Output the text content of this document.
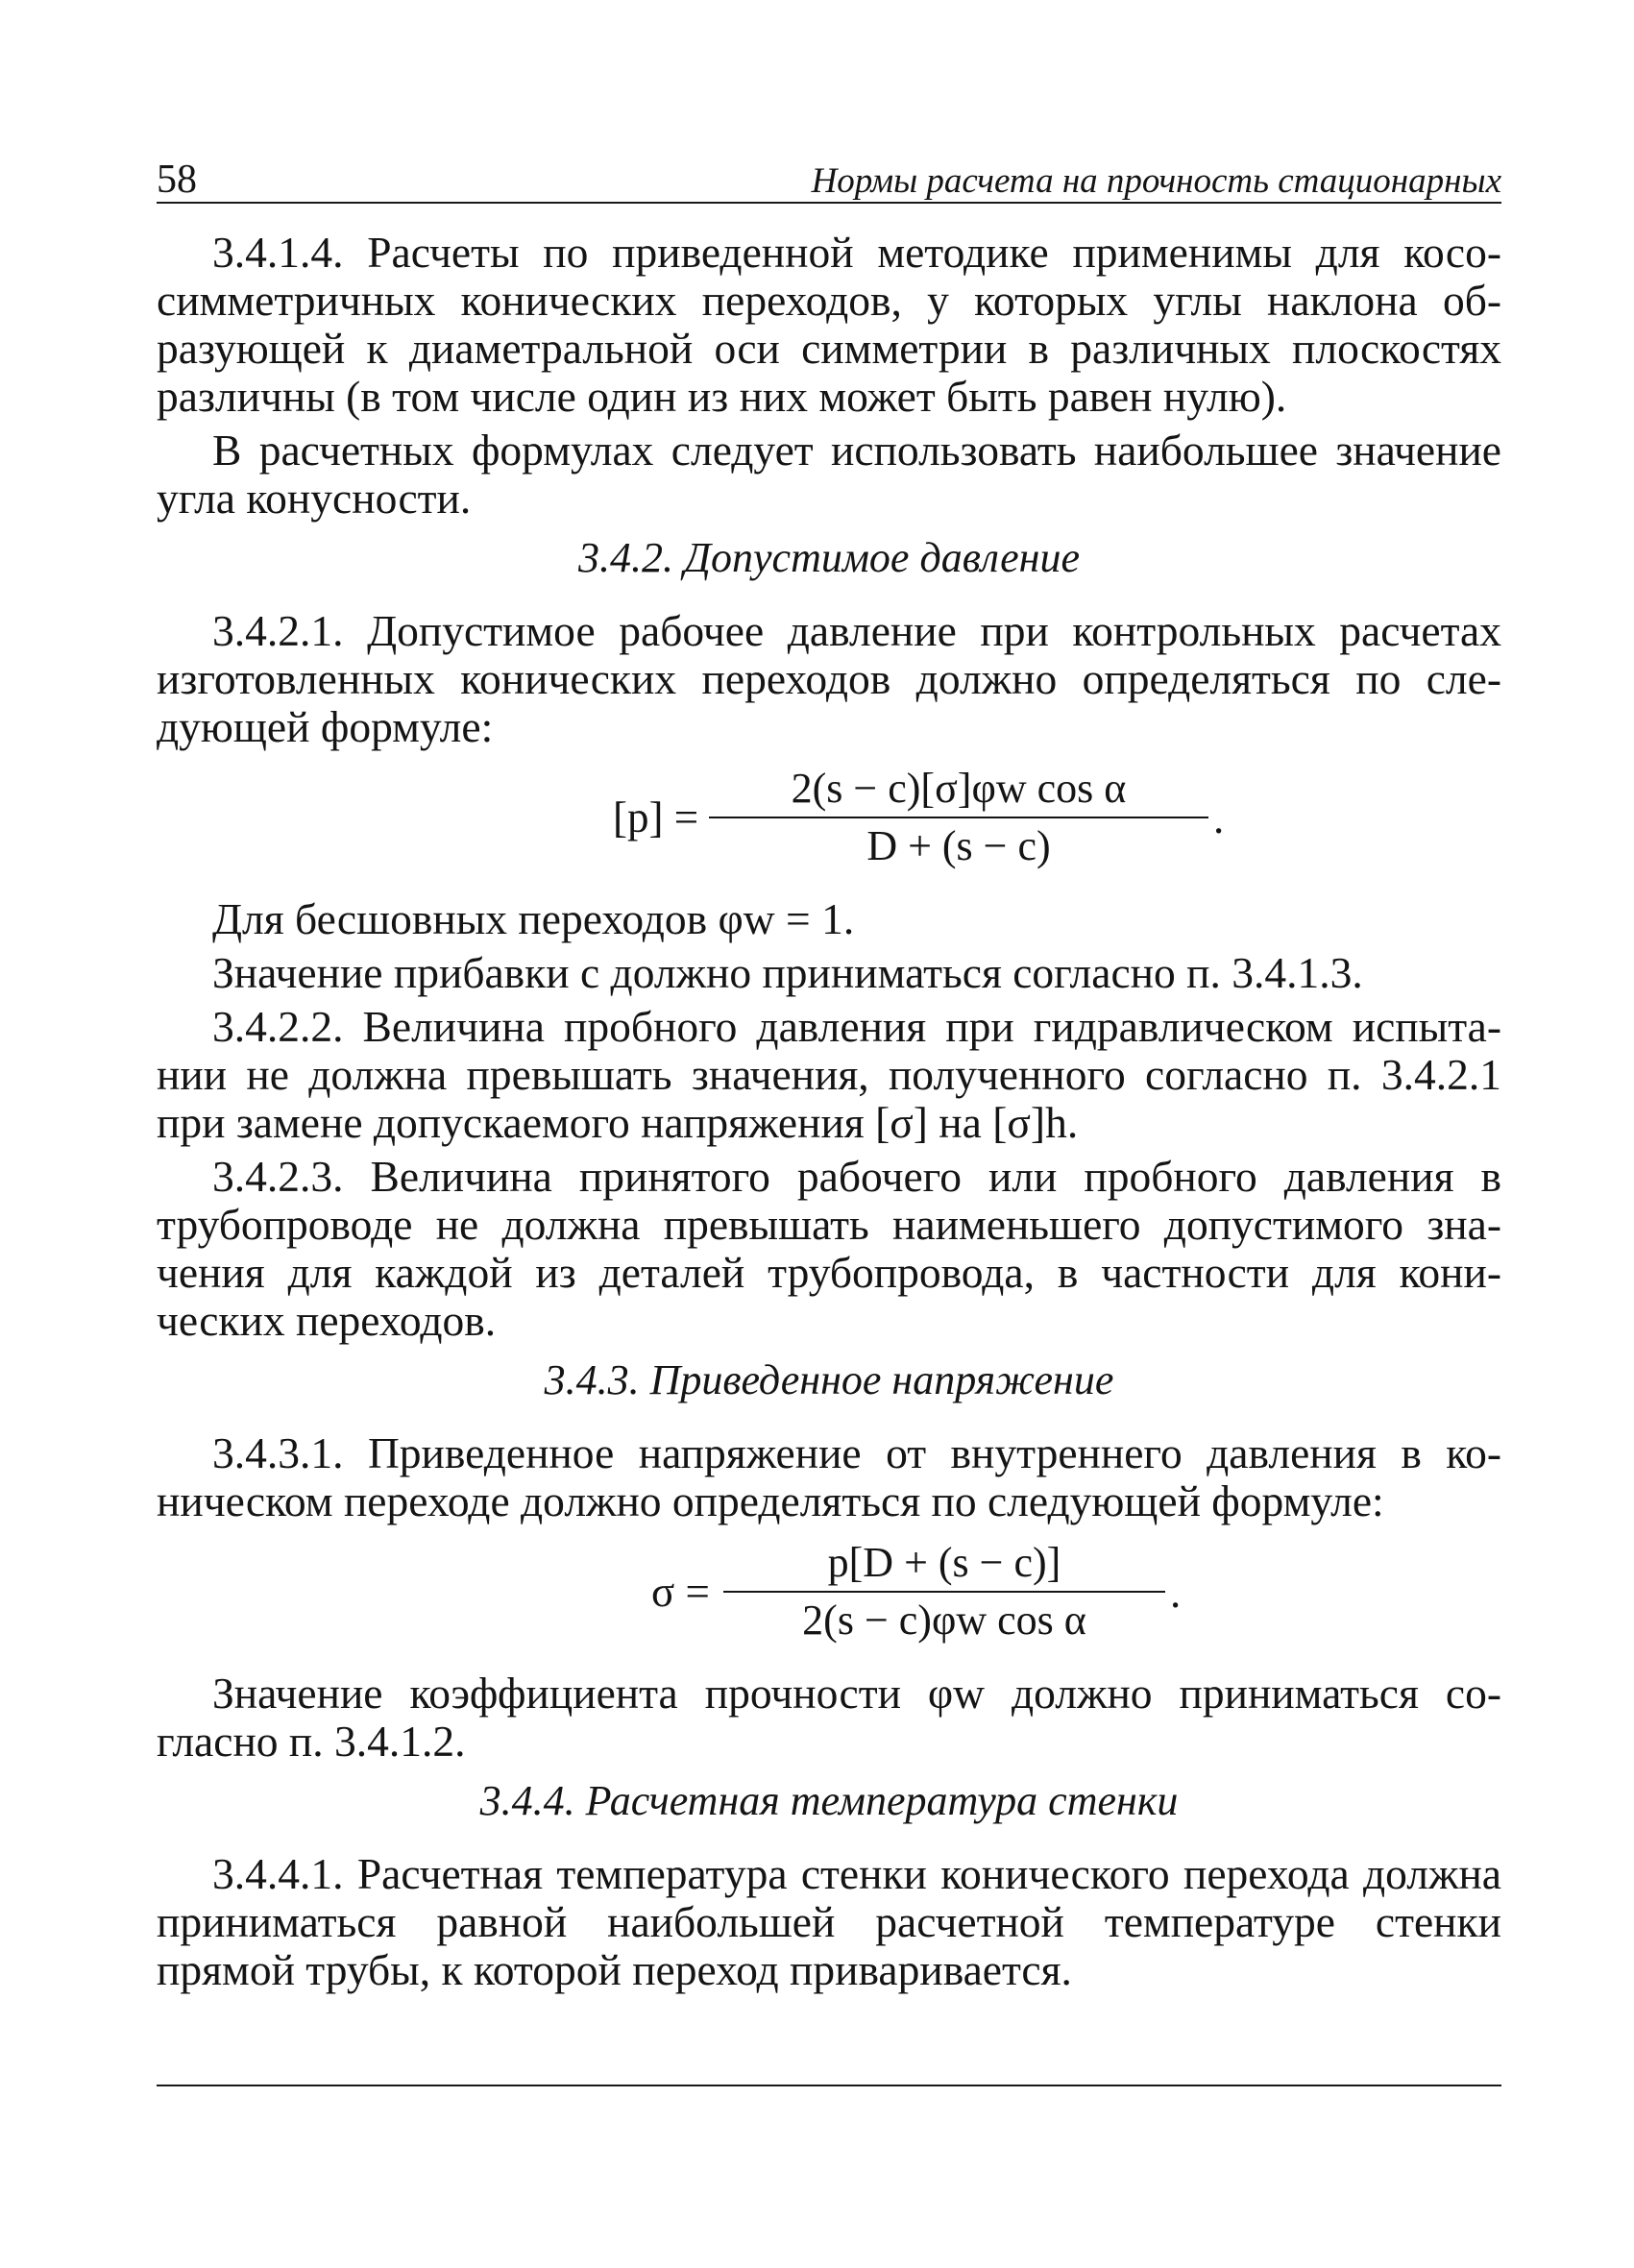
58	Нормы расчета на прочность стационарных

3.4.1.4. Расчеты по приведенной методике применимы для кососимметричных конических переходов, у которых углы наклона образующей к диаметральной оси симметрии в различных плоскостях различны (в том числе один из них может быть равен нулю).

В расчетных формулах следует использовать наибольшее значение угла конусности.

3.4.2. Допустимое давление

3.4.2.1. Допустимое рабочее давление при контрольных расчетах изготовленных конических переходов должно определяться по следующей формуле:

$[p] = \frac{\text{2(s − c)[σ]φw cos α}}{D + (s - c)}$ .

Для бесшовных переходов φw = 1.

Значение прибавки c должно приниматься согласно п. 3.4.1.3.

3.4.2.2. Величина пробного давления при гидравлическом испытании не должна превышать значения, полученного согласно п. 3.4.2.1 при замене допускаемого напряжения [σ] на [σ]h.

3.4.2.3. Величина принятого рабочего или пробного давления в трубопроводе не должна превышать наименьшего допустимого значения для каждой из деталей трубопровода, в частности для конических переходов.

3.4.3. Приведенное напряжение

3.4.3.1. Приведенное напряжение от внутреннего давления в коническом переходе должно определяться по следующей формуле:

$\sigma = \frac{p[D + (s - c)]}{\text{2(s − c)φw cos α}}$ .

Значение коэффициента прочности φw должно приниматься согласно п. 3.4.1.2.

3.4.4. Расчетная температура стенки

3.4.4.1. Расчетная температура стенки конического перехода должна приниматься равной наибольшей расчетной температуре стенки прямой трубы, к которой переход приваривается.
